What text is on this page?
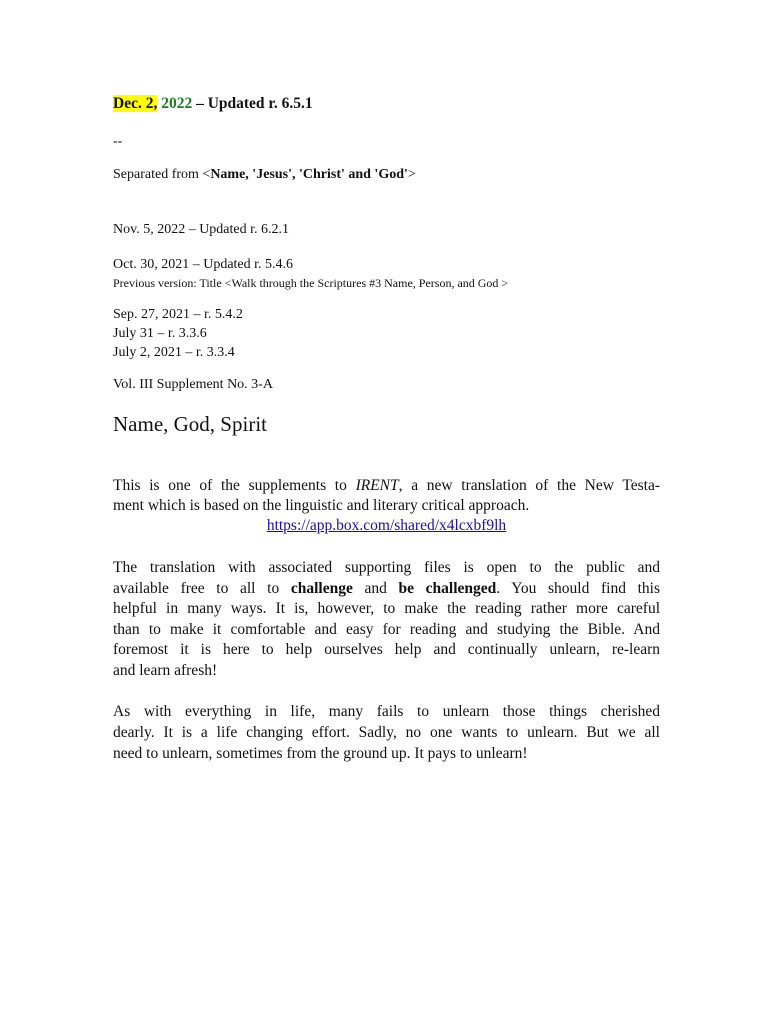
Dec. 2, 2022 – Updated r. 6.5.1
--
Separated from <Name, 'Jesus', 'Christ' and 'God'>
Nov. 5, 2022 – Updated r. 6.2.1
Oct. 30, 2021 – Updated r. 5.4.6
Previous version: Title <Walk through the Scriptures #3 Name, Person, and God >
Sep. 27, 2021 – r. 5.4.2
July 31 – r. 3.3.6
July 2, 2021 – r. 3.3.4
Vol. III Supplement No. 3-A
Name, God, Spirit
This is one of the supplements to IRENT, a new translation of the New Testa-
ment which is based on the linguistic and literary critical approach.
https://app.box.com/shared/x4lcxbf9lh
The translation with associated supporting files is open to the public and
available free to all to challenge and be challenged. You should find this
helpful in many ways. It is, however, to make the reading rather more careful
than to make it comfortable and easy for reading and studying the Bible. And
foremost it is here to help ourselves help and continually unlearn, re-learn
and learn afresh!
As with everything in life, many fails to unlearn those things cherished
dearly. It is a life changing effort. Sadly, no one wants to unlearn. But we all
need to unlearn, sometimes from the ground up. It pays to unlearn!
